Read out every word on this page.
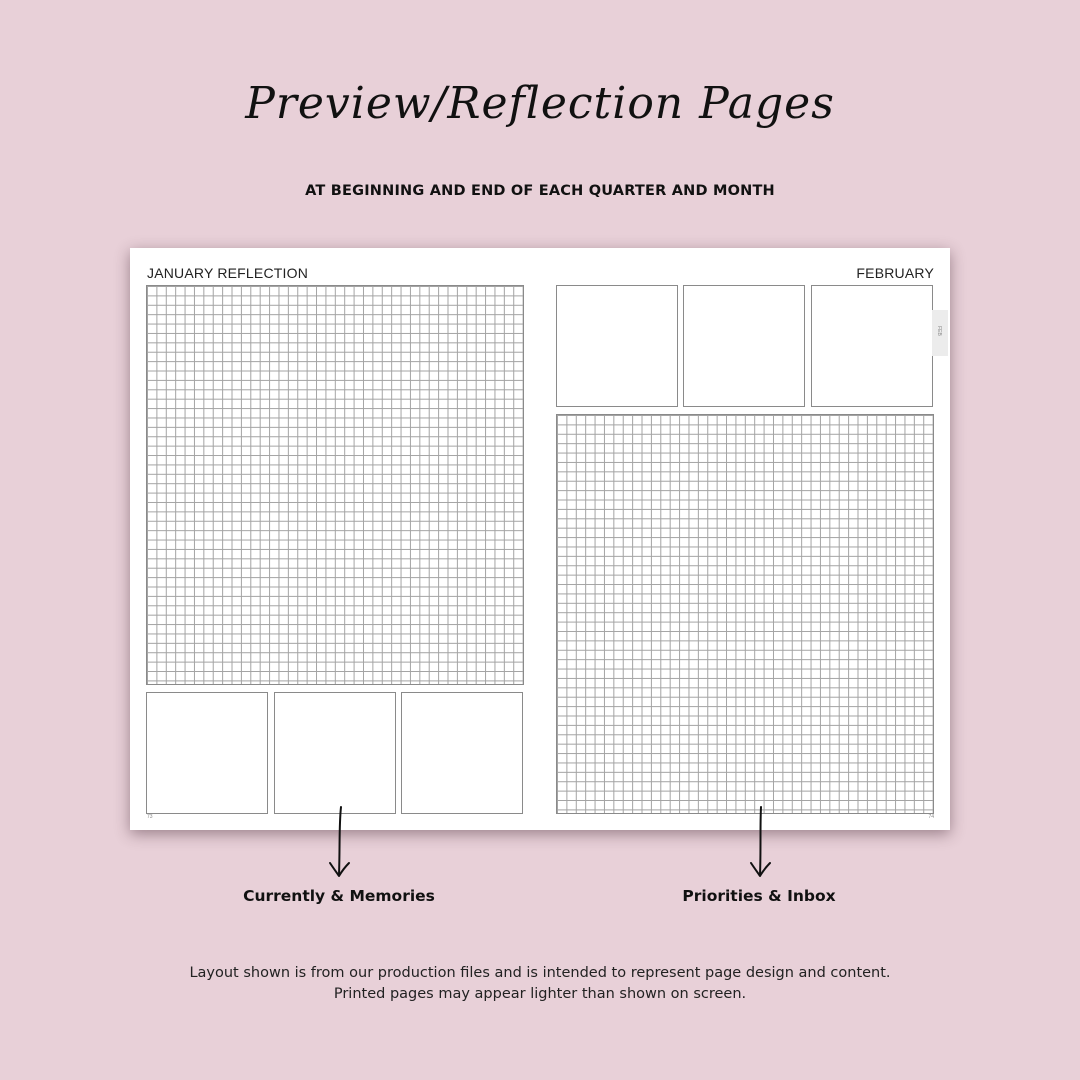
Preview/Reflection Pages
AT BEGINNING AND END OF EACH QUARTER AND MONTH
JANUARY REFLECTION
73
FEBRUARY
FEB
74
Currently & Memories	Priorities & Inbox
Layout shown is from our production files and is intended to represent page design and content.
Printed pages may appear lighter than shown on screen.
